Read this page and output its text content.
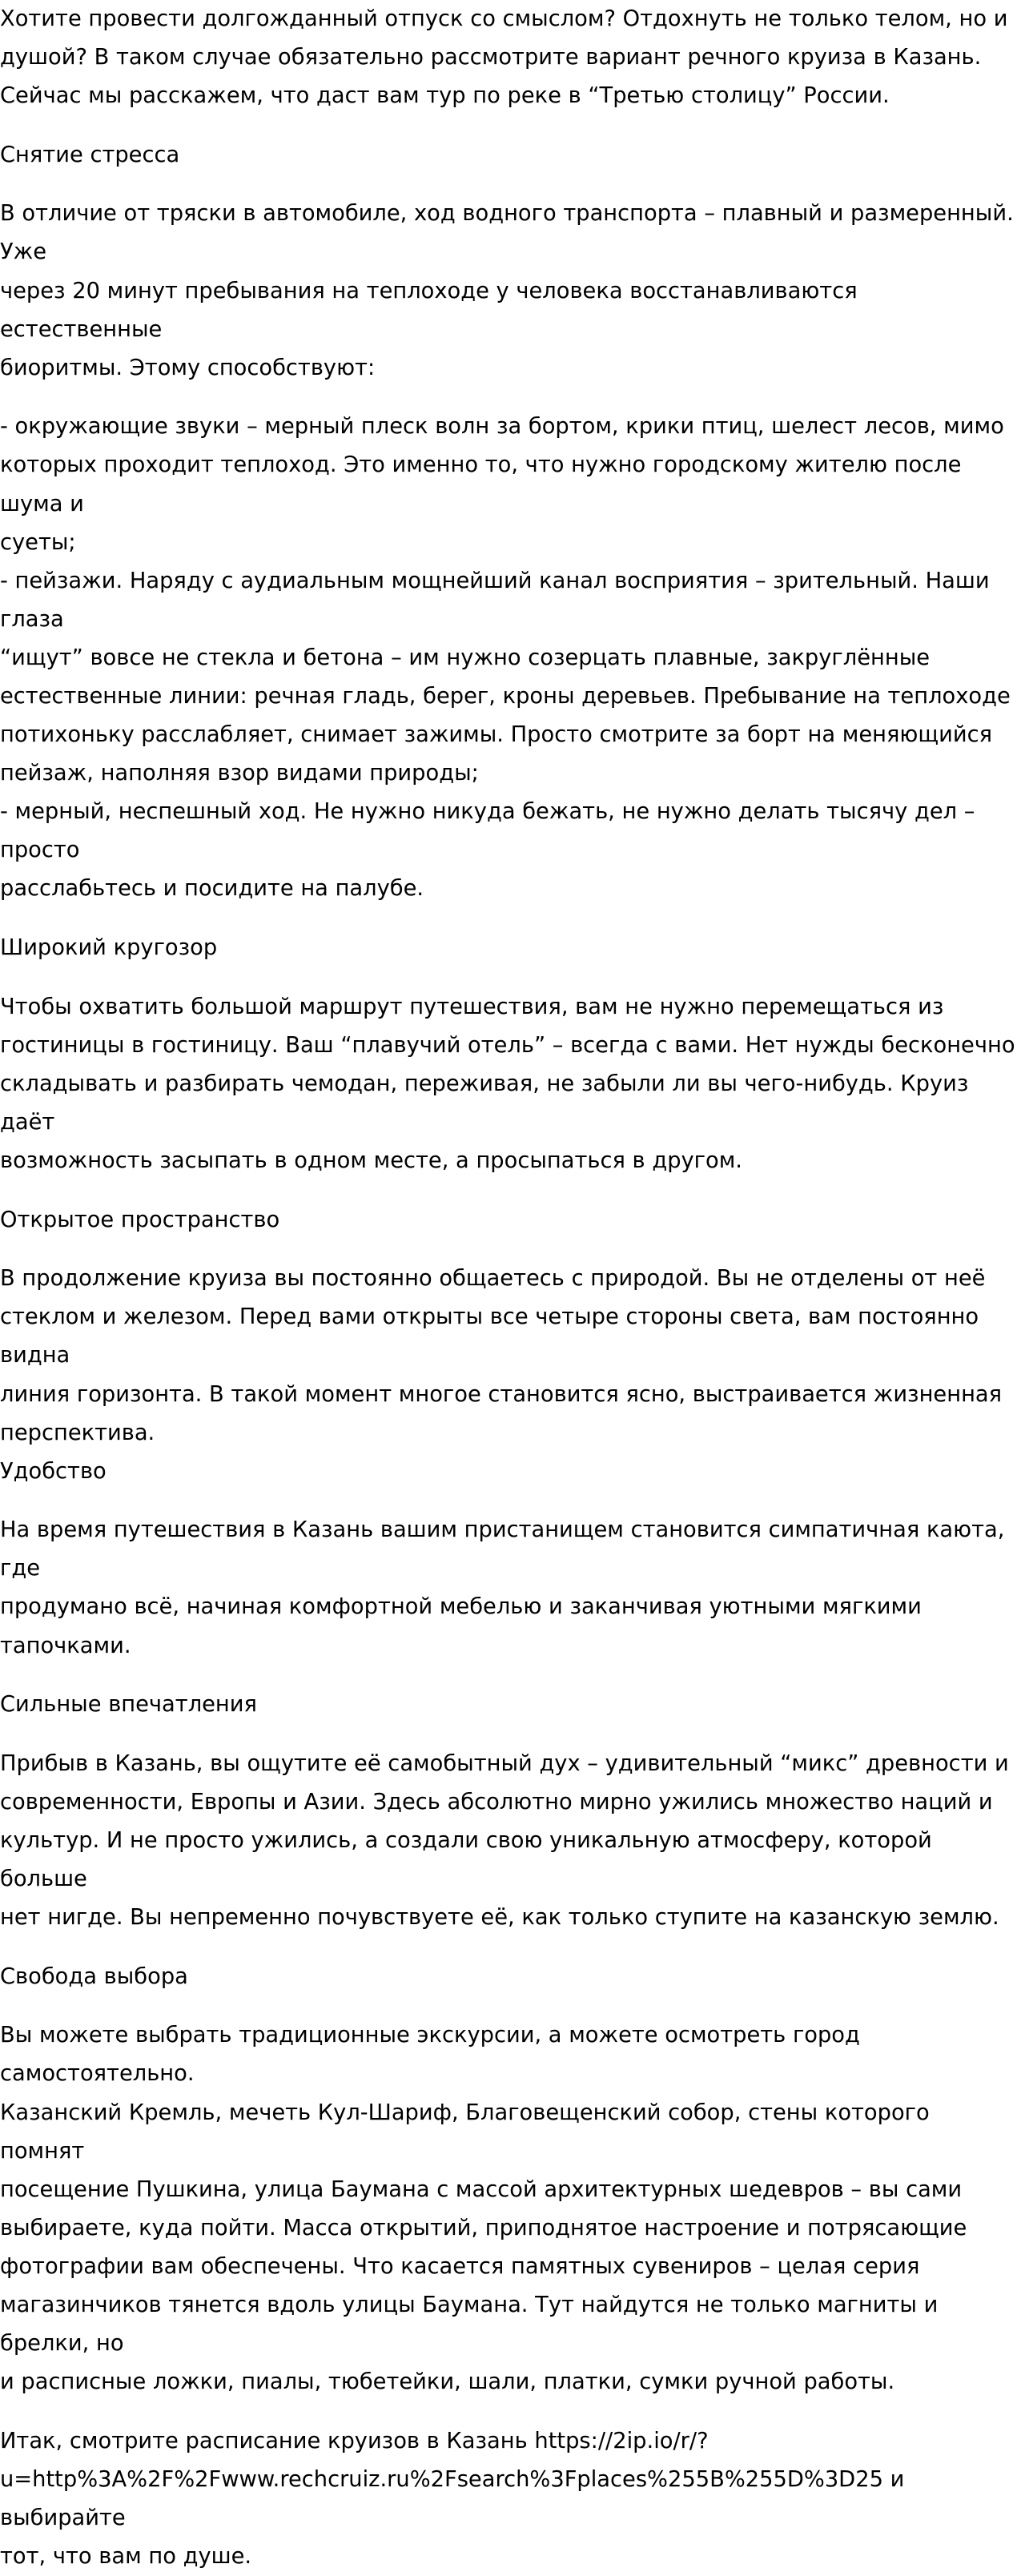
Хотите провести долгожданный отпуск со смыслом? Отдохнуть не только телом, но и
душой? В таком случае обязательно рассмотрите вариант речного круиза в Казань.
Сейчас мы расскажем, что даст вам тур по реке в “Третью столицу” России.

Снятие стресса

В отличие от тряски в автомобиле, ход водного транспорта – плавный и размеренный. Уже
через 20 минут пребывания на теплоходе у человека восстанавливаются естественные
биоритмы. Этому способствуют:

- окружающие звуки – мерный плеск волн за бортом, крики птиц, шелест лесов, мимо
которых проходит теплоход. Это именно то, что нужно городскому жителю после шума и
суеты;
- пейзажи. Наряду с аудиальным мощнейший канал восприятия – зрительный. Наши глаза
“ищут” вовсе не стекла и бетона – им нужно созерцать плавные, закруглённые
естественные линии: речная гладь, берег, кроны деревьев. Пребывание на теплоходе
потихоньку расслабляет, снимает зажимы. Просто смотрите за борт на меняющийся
пейзаж, наполняя взор видами природы;
- мерный, неспешный ход. Не нужно никуда бежать, не нужно делать тысячу дел – просто
расслабьтесь и посидите на палубе.

Широкий кругозор

Чтобы охватить большой маршрут путешествия, вам не нужно перемещаться из
гостиницы в гостиницу. Ваш “плавучий отель” – всегда с вами. Нет нужды бесконечно
складывать и разбирать чемодан, переживая, не забыли ли вы чего-нибудь. Круиз даёт
возможность засыпать в одном месте, а просыпаться в другом.

Открытое пространство

В продолжение круиза вы постоянно общаетесь с природой. Вы не отделены от неё
стеклом и железом. Перед вами открыты все четыре стороны света, вам постоянно видна
линия горизонта. В такой момент многое становится ясно, выстраивается жизненная
перспектива.

Удобство

На время путешествия в Казань вашим пристанищем становится симпатичная каюта, где
продумано всё, начиная комфортной мебелью и заканчивая уютными мягкими тапочками.

Сильные впечатления

Прибыв в Казань, вы ощутите её самобытный дух – удивительный “микс” древности и
современности, Европы и Азии. Здесь абсолютно мирно ужились множество наций и
культур. И не просто ужились, а создали свою уникальную атмосферу, которой больше
нет нигде. Вы непременно почувствуете её, как только ступите на казанскую землю.

Свобода выбора

Вы можете выбрать традиционные экскурсии, а можете осмотреть город самостоятельно.
Казанский Кремль, мечеть Кул-Шариф, Благовещенский собор, стены которого помнят
посещение Пушкина, улица Баумана с массой архитектурных шедевров – вы сами
выбираете, куда пойти. Масса открытий, приподнятое настроение и потрясающие
фотографии вам обеспечены. Что касается памятных сувениров – целая серия
магазинчиков тянется вдоль улицы Баумана. Тут найдутся не только магниты и брелки, но
и расписные ложки, пиалы, тюбетейки, шали, платки, сумки ручной работы.

Итак, смотрите расписание круизов в Казань https://2ip.io/r/?
u=http%3A%2F%2Fwww.rechcruiz.ru%2Fsearch%3Fplaces%255B%255D%3D25 и выбирайте
тот, что вам по душе.
